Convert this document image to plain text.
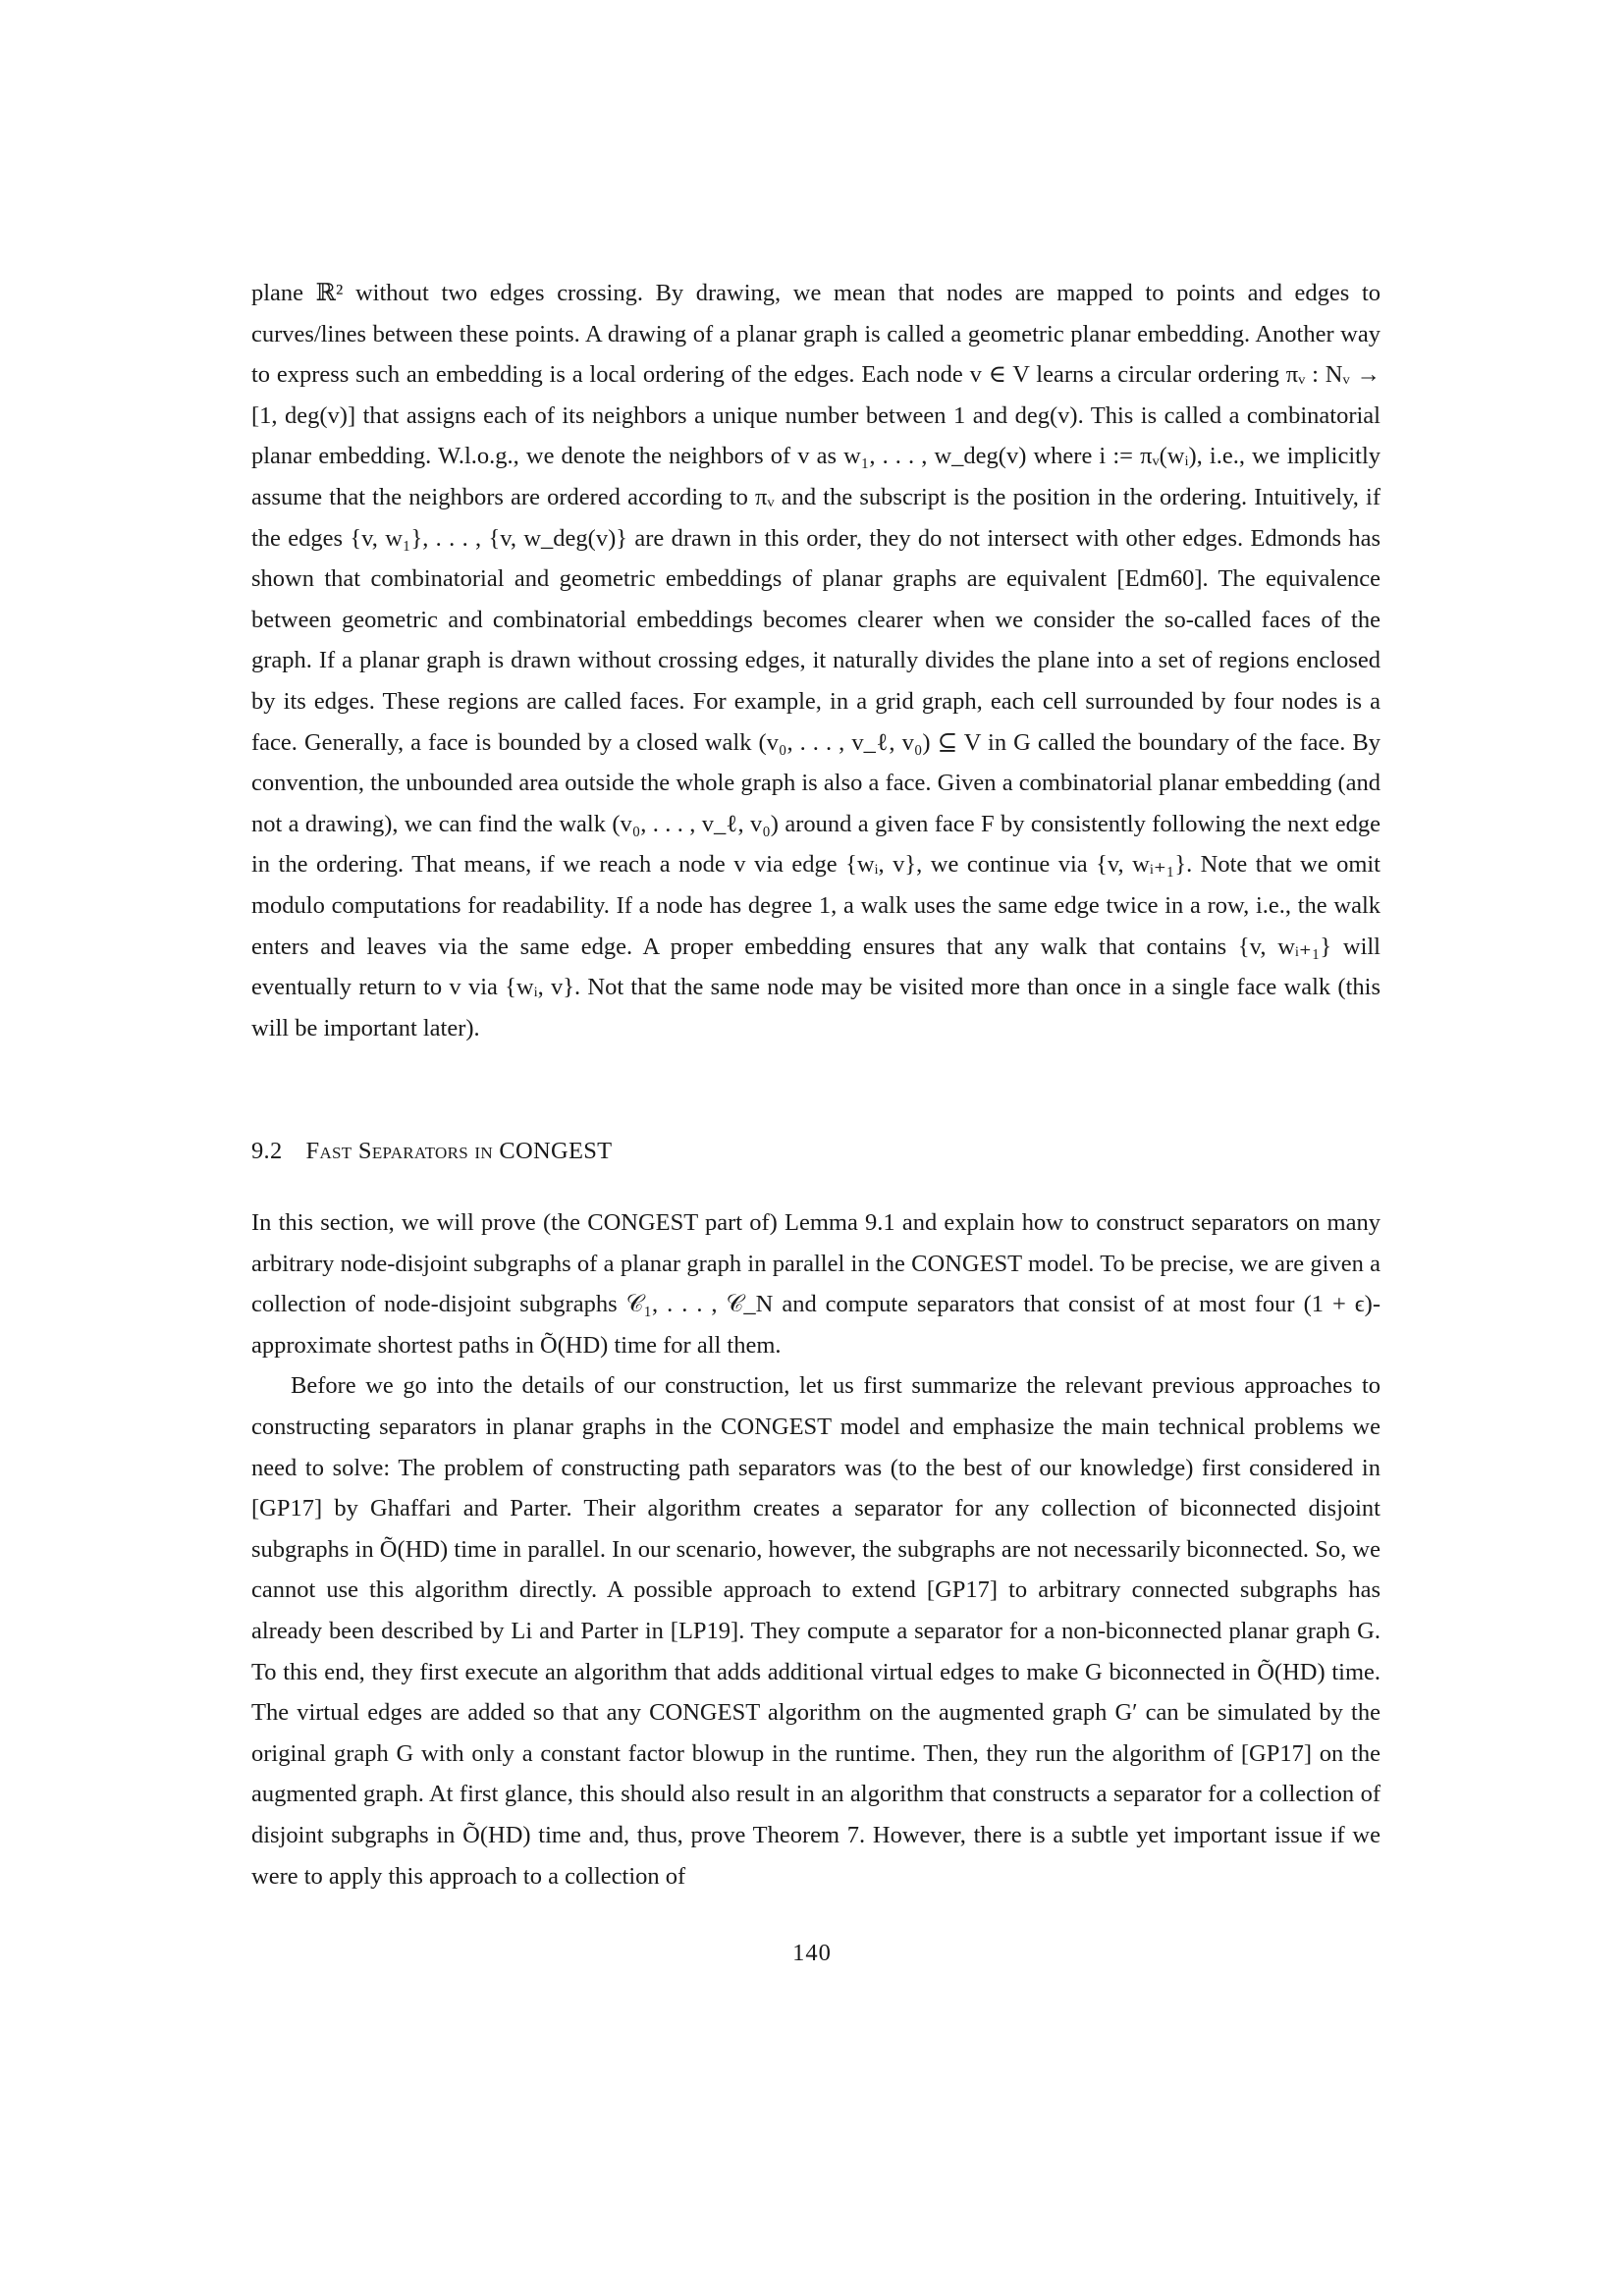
plane ℝ² without two edges crossing. By drawing, we mean that nodes are mapped to points and edges to curves/lines between these points. A drawing of a planar graph is called a geometric planar embedding. Another way to express such an embedding is a local ordering of the edges. Each node v ∈ V learns a circular ordering πᵥ : Nᵥ → [1, deg(v)] that assigns each of its neighbors a unique number between 1 and deg(v). This is called a combinatorial planar embedding. W.l.o.g., we denote the neighbors of v as w₁, . . . , w_deg(v) where i := πᵥ(wᵢ), i.e., we implicitly assume that the neighbors are ordered according to πᵥ and the subscript is the position in the ordering. Intuitively, if the edges {v, w₁}, . . . , {v, w_deg(v)} are drawn in this order, they do not intersect with other edges. Edmonds has shown that combinatorial and geometric embeddings of planar graphs are equivalent [Edm60]. The equivalence between geometric and combinatorial embeddings becomes clearer when we consider the so-called faces of the graph. If a planar graph is drawn without crossing edges, it naturally divides the plane into a set of regions enclosed by its edges. These regions are called faces. For example, in a grid graph, each cell surrounded by four nodes is a face. Generally, a face is bounded by a closed walk (v₀, . . . , v_ℓ, v₀) ⊆ V in G called the boundary of the face. By convention, the unbounded area outside the whole graph is also a face. Given a combinatorial planar embedding (and not a drawing), we can find the walk (v₀, . . . , v_ℓ, v₀) around a given face F by consistently following the next edge in the ordering. That means, if we reach a node v via edge {wᵢ, v}, we continue via {v, wᵢ₊₁}. Note that we omit modulo computations for readability. If a node has degree 1, a walk uses the same edge twice in a row, i.e., the walk enters and leaves via the same edge. A proper embedding ensures that any walk that contains {v, wᵢ₊₁} will eventually return to v via {wᵢ, v}. Not that the same node may be visited more than once in a single face walk (this will be important later).

9.2 Fast Separators in CONGEST

In this section, we will prove (the CONGEST part of) Lemma 9.1 and explain how to construct separators on many arbitrary node-disjoint subgraphs of a planar graph in parallel in the CONGEST model. To be precise, we are given a collection of node-disjoint subgraphs 𝒞₁, . . . , 𝒞_N and compute separators that consist of at most four (1 + ϵ)-approximate shortest paths in Õ(HD) time for all them.

Before we go into the details of our construction, let us first summarize the relevant previous approaches to constructing separators in planar graphs in the CONGEST model and emphasize the main technical problems we need to solve: The problem of constructing path separators was (to the best of our knowledge) first considered in [GP17] by Ghaffari and Parter. Their algorithm creates a separator for any collection of biconnected disjoint subgraphs in Õ(HD) time in parallel. In our scenario, however, the subgraphs are not necessarily biconnected. So, we cannot use this algorithm directly. A possible approach to extend [GP17] to arbitrary connected subgraphs has already been described by Li and Parter in [LP19]. They compute a separator for a non-biconnected planar graph G. To this end, they first execute an algorithm that adds additional virtual edges to make G biconnected in Õ(HD) time. The virtual edges are added so that any CONGEST algorithm on the augmented graph G′ can be simulated by the original graph G with only a constant factor blowup in the runtime. Then, they run the algorithm of [GP17] on the augmented graph. At first glance, this should also result in an algorithm that constructs a separator for a collection of disjoint subgraphs in Õ(HD) time and, thus, prove Theorem 7. However, there is a subtle yet important issue if we were to apply this approach to a collection of

140
